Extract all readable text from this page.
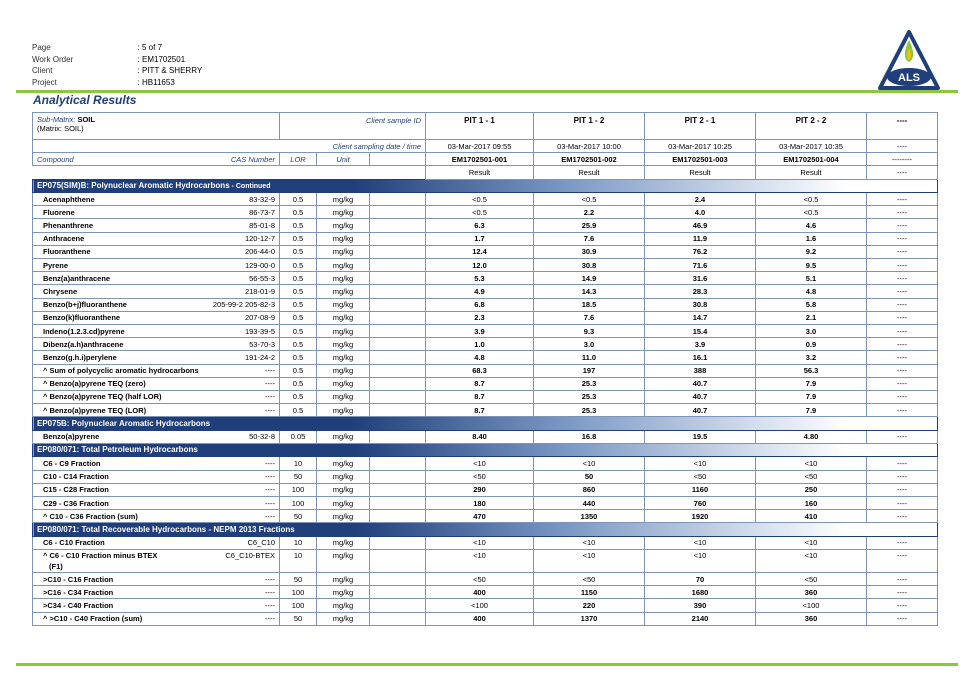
Page	: 5 of 7
Work Order	: EM1702501
Client	: PITT & SHERRY
Project	: HB11653	ALS
Analytical Results
Sub-Matrix: SOIL
(Matrix: SOIL)	Client sample ID			PIT 1 - 1	PIT 1 - 2	PIT 2 - 1	PIT 2 - 2	----
Client sampling date / time				03-Mar-2017 09:55	03-Mar-2017 10:00	03-Mar-2017 10:25	03-Mar-2017 10:35	----
Compound CAS Number	LOR	Unit		EM1702501-001	EM1702501-002	EM1702501-003	EM1702501-004	--------
				Result	Result	Result	Result	----

EP075(SIM)B: Polynuclear Aromatic Hydrocarbons - Continued								

Acenaphthene 83-32-9	0.5	mg/kg		<0.5	<0.5	2.4	<0.5	----
Fluorene 86-73-7	0.5	mg/kg		<0.5	2.2	4.0	<0.5	----
Phenanthrene 85-01-8	0.5	mg/kg		6.3	25.9	46.9	4.6	----
Anthracene 120-12-7	0.5	mg/kg		1.7	7.6	11.9	1.6	----
Fluoranthene 206-44-0	0.5	mg/kg		12.4	30.9	76.2	9.2	----
Pyrene 129-00-0	0.5	mg/kg		12.0	30.8	71.6	9.5	----
Benz(a)anthracene 56-55-3	0.5	mg/kg		5.3	14.9	31.6	5.1	----
Chrysene 218-01-9	0.5	mg/kg		4.9	14.3	28.3	4.8	----
Benzo(b+j)fluoranthene 205-99-2 205-82-3	0.5	mg/kg		6.8	18.5	30.8	5.8	----
Benzo(k)fluoranthene 207-08-9	0.5	mg/kg		2.3	7.6	14.7	2.1	----
Indeno(1.2.3.cd)pyrene 193-39-5	0.5	mg/kg		3.9	9.3	15.4	3.0	----
Dibenz(a.h)anthracene 53-70-3	0.5	mg/kg		1.0	3.0	3.9	0.9	----
Benzo(g.h.i)perylene 191-24-2	0.5	mg/kg		4.8	11.0	16.1	3.2	----
^ Sum of polycyclic aromatic hydrocarbons ----	0.5	mg/kg		68.3	197	388	56.3	----
^ Benzo(a)pyrene TEQ (zero) ----	0.5	mg/kg		8.7	25.3	40.7	7.9	----
^ Benzo(a)pyrene TEQ (half LOR) ----	0.5	mg/kg		8.7	25.3	40.7	7.9	----
^ Benzo(a)pyrene TEQ (LOR) ----	0.5	mg/kg		8.7	25.3	40.7	7.9	----

EP075B: Polynuclear Aromatic Hydrocarbons								

Benzo(a)pyrene 50-32-8	0.05	mg/kg		8.40	16.8	19.5	4.80	----

EP080/071: Total Petroleum Hydrocarbons								

C6 - C9 Fraction ----	10	mg/kg		<10	<10	<10	<10	----
C10 - C14 Fraction ----	50	mg/kg		<50	50	<50	<50	----
C15 - C28 Fraction ----	100	mg/kg		290	860	1160	250	----
C29 - C36 Fraction ----	100	mg/kg		180	440	760	160	----
^ C10 - C36 Fraction (sum) ----	50	mg/kg		470	1350	1920	410	----

EP080/071: Total Recoverable Hydrocarbons - NEPM 2013 Fractions								

C6 - C10 Fraction C6_C10	10	mg/kg		<10	<10	<10	<10	----
^ C6 - C10 Fraction minus BTEX C6_C10-BTEX
(F1)	10	mg/kg		<10	<10	<10	<10	----
>C10 - C16 Fraction ----	50	mg/kg		<50	<50	70	<50	----
>C16 - C34 Fraction ----	100	mg/kg		400	1150	1680	360	----
>C34 - C40 Fraction ----	100	mg/kg		<100	220	390	<100	----
^ >C10 - C40 Fraction (sum) ----	50	mg/kg		400	1370	2140	360	----
